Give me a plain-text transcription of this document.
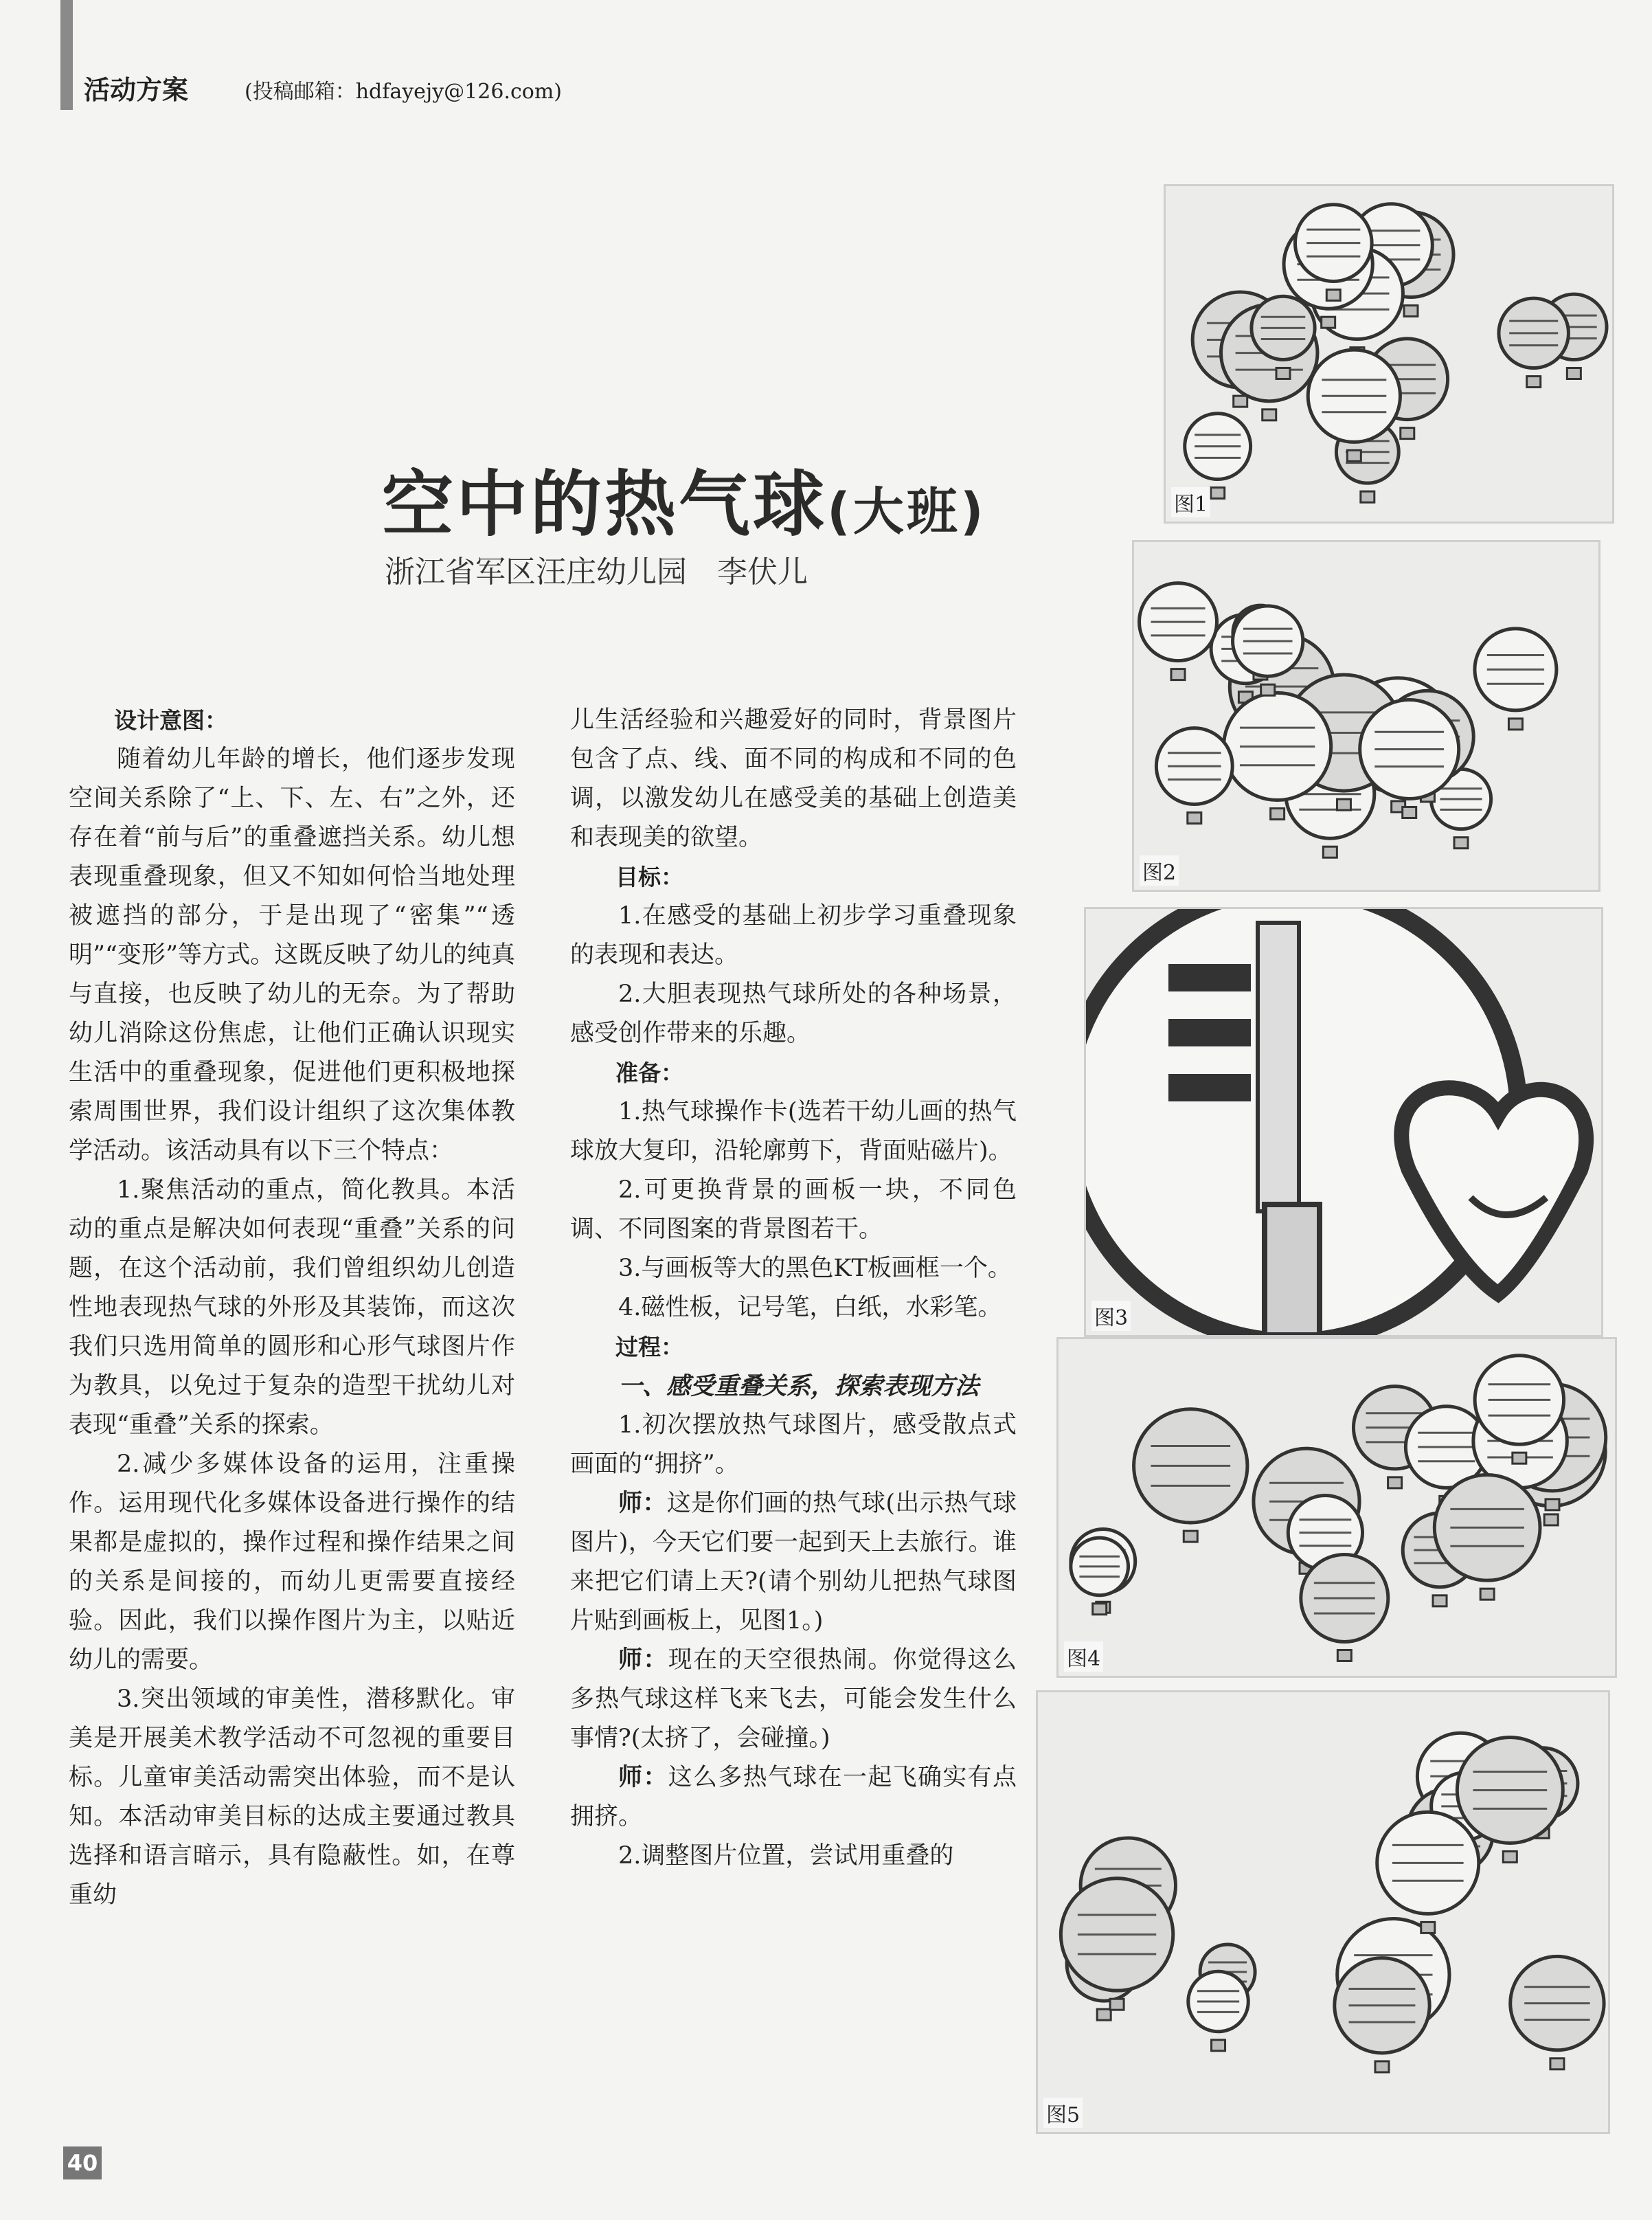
活动方案	(投稿邮箱：hdfayejy@126.com)
空中的热气球(大班)
浙江省军区汪庄幼儿园　李伏儿

设计意图：

随着幼儿年龄的增长，他们逐步发现空间关系除了“上、下、左、右”之外，还存在着“前与后”的重叠遮挡关系。幼儿想表现重叠现象，但又不知如何恰当地处理被遮挡的部分，于是出现了“密集”“透明”“变形”等方式。这既反映了幼儿的纯真与直接，也反映了幼儿的无奈。为了帮助幼儿消除这份焦虑，让他们正确认识现实生活中的重叠现象，促进他们更积极地探索周围世界，我们设计组织了这次集体教学活动。该活动具有以下三个特点：

1.聚焦活动的重点，简化教具。本活动的重点是解决如何表现“重叠”关系的问题，在这个活动前，我们曾组织幼儿创造性地表现热气球的外形及其装饰，而这次我们只选用简单的圆形和心形气球图片作为教具，以免过于复杂的造型干扰幼儿对表现“重叠”关系的探索。

2.减少多媒体设备的运用，注重操作。运用现代化多媒体设备进行操作的结果都是虚拟的，操作过程和操作结果之间的关系是间接的，而幼儿更需要直接经验。因此，我们以操作图片为主，以贴近幼儿的需要。

3.突出领域的审美性，潜移默化。审美是开展美术教学活动不可忽视的重要目标。儿童审美活动需突出体验，而不是认知。本活动审美目标的达成主要通过教具选择和语言暗示，具有隐蔽性。如，在尊重幼

儿生活经验和兴趣爱好的同时，背景图片包含了点、线、面不同的构成和不同的色调，以激发幼儿在感受美的基础上创造美和表现美的欲望。

目标：

1.在感受的基础上初步学习重叠现象的表现和表达。

2.大胆表现热气球所处的各种场景，感受创作带来的乐趣。

准备：

1.热气球操作卡(选若干幼儿画的热气球放大复印，沿轮廓剪下，背面贴磁片)。

2.可更换背景的画板一块，不同色调、不同图案的背景图若干。

3.与画板等大的黑色KT板画框一个。

4.磁性板，记号笔，白纸，水彩笔。

过程：

一、感受重叠关系，探索表现方法

1.初次摆放热气球图片，感受散点式画面的“拥挤”。

师：这是你们画的热气球(出示热气球图片)，今天它们要一起到天上去旅行。谁来把它们请上天?(请个别幼儿把热气球图片贴到画板上，见图1。)

师：现在的天空很热闹。你觉得这么多热气球这样飞来飞去，可能会发生什么事情?(太挤了，会碰撞。)

师：这么多热气球在一起飞确实有点拥挤。

2.调整图片位置，尝试用重叠的

图1
图2
图3
图4
图5
40
